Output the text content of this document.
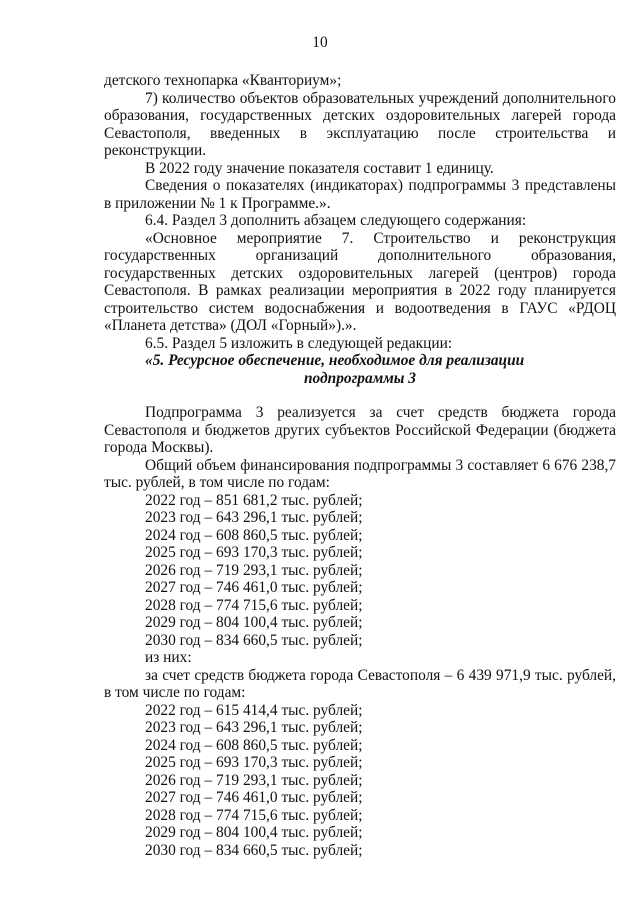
10

детского технопарка «Кванториум»;

7) количество объектов образовательных учреждений дополнительного образования, государственных детских оздоровительных лагерей города Севастополя, введенных в эксплуатацию после строительства и реконструкции.

В 2022 году значение показателя составит 1 единицу.

Сведения о показателях (индикаторах) подпрограммы 3 представлены в приложении № 1 к Программе.».

6.4. Раздел 3 дополнить абзацем следующего содержания:

«Основное мероприятие 7. Строительство и реконструкция государственных организаций дополнительного образования, государственных детских оздоровительных лагерей (центров) города Севастополя. В рамках реализации мероприятия в 2022 году планируется строительство систем водоснабжения и водоотведения в ГАУС «РДОЦ «Планета детства» (ДОЛ «Горный»).».

6.5. Раздел 5 изложить в следующей редакции:

«5. Ресурсное обеспечение, необходимое для реализации

подпрограммы 3

Подпрограмма 3 реализуется за счет средств бюджета города Севастополя и бюджетов других субъектов Российской Федерации (бюджета города Москвы).

Общий объем финансирования подпрограммы 3 составляет 6 676 238,7 тыс. рублей, в том числе по годам:

2022 год – 851 681,2 тыс. рублей;
2023 год – 643 296,1 тыс. рублей;
2024 год – 608 860,5 тыс. рублей;
2025 год – 693 170,3 тыс. рублей;
2026 год – 719 293,1 тыс. рублей;
2027 год – 746 461,0 тыс. рублей;
2028 год – 774 715,6 тыс. рублей;
2029 год – 804 100,4 тыс. рублей;
2030 год – 834 660,5 тыс. рублей;

из них:

за счет средств бюджета города Севастополя – 6 439 971,9 тыс. рублей, в том числе по годам:

2022 год – 615 414,4 тыс. рублей;
2023 год – 643 296,1 тыс. рублей;
2024 год – 608 860,5 тыс. рублей;
2025 год – 693 170,3 тыс. рублей;
2026 год – 719 293,1 тыс. рублей;
2027 год – 746 461,0 тыс. рублей;
2028 год – 774 715,6 тыс. рублей;
2029 год – 804 100,4 тыс. рублей;
2030 год – 834 660,5 тыс. рублей;
